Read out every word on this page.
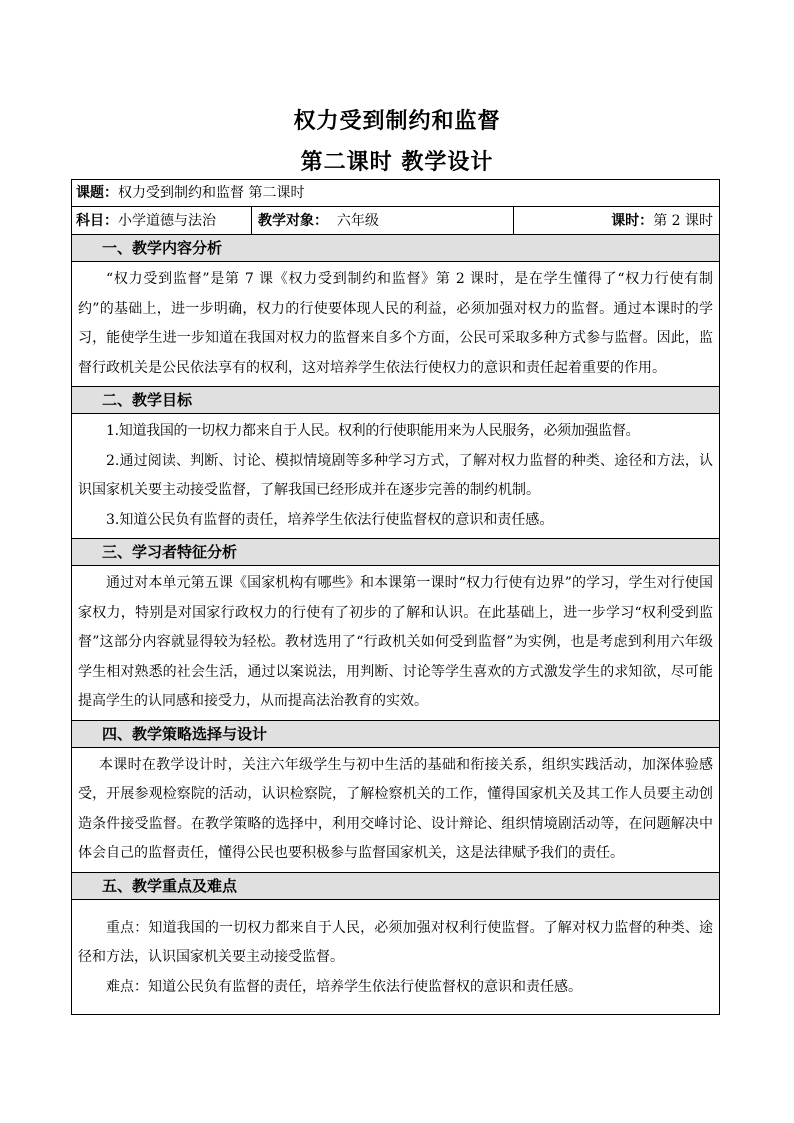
权力受到制约和监督
第二课时 教学设计
课题：权力受到制约和监督 第二课时
科目：小学道德与法治	教学对象：  六年级	课时：第 2 课时
一、教学内容分析

“权力受到监督”是第 7 课《权力受到制约和监督》第 2 课时，是在学生懂得了“权力行使有制约”的基础上，进一步明确，权力的行使要体现人民的利益，必须加强对权力的监督。通过本课时的学习，能使学生进一步知道在我国对权力的监督来自多个方面，公民可采取多种方式参与监督。因此，监督行政机关是公民依法享有的权利，这对培养学生依法行使权力的意识和责任起着重要的作用。

二、教学目标

1.知道我国的一切权力都来自于人民。权利的行使职能用来为人民服务，必须加强监督。

2.通过阅读、判断、讨论、模拟情境剧等多种学习方式，了解对权力监督的种类、途径和方法，认识国家机关要主动接受监督，了解我国已经形成并在逐步完善的制约机制。

3.知道公民负有监督的责任，培养学生依法行使监督权的意识和责任感。

三、学习者特征分析

通过对本单元第五课《国家机构有哪些》和本课第一课时“权力行使有边界”的学习，学生对行使国家权力，特别是对国家行政权力的行使有了初步的了解和认识。在此基础上，进一步学习“权利受到监督”这部分内容就显得较为轻松。教材选用了“行政机关如何受到监督”为实例，也是考虑到利用六年级学生相对熟悉的社会生活，通过以案说法，用判断、讨论等学生喜欢的方式激发学生的求知欲，尽可能提高学生的认同感和接受力，从而提高法治教育的实效。

四、教学策略选择与设计

本课时在教学设计时，关注六年级学生与初中生活的基础和衔接关系，组织实践活动，加深体验感受，开展参观检察院的活动，认识检察院，了解检察机关的工作，懂得国家机关及其工作人员要主动创造条件接受监督。在教学策略的选择中，利用交峰讨论、设计辩论、组织情境剧活动等，在问题解决中体会自己的监督责任，懂得公民也要积极参与监督国家机关，这是法律赋予我们的责任。

五、教学重点及难点

重点：知道我国的一切权力都来自于人民，必须加强对权利行使监督。了解对权力监督的种类、途径和方法，认识国家机关要主动接受监督。

难点：知道公民负有监督的责任，培养学生依法行使监督权的意识和责任感。
